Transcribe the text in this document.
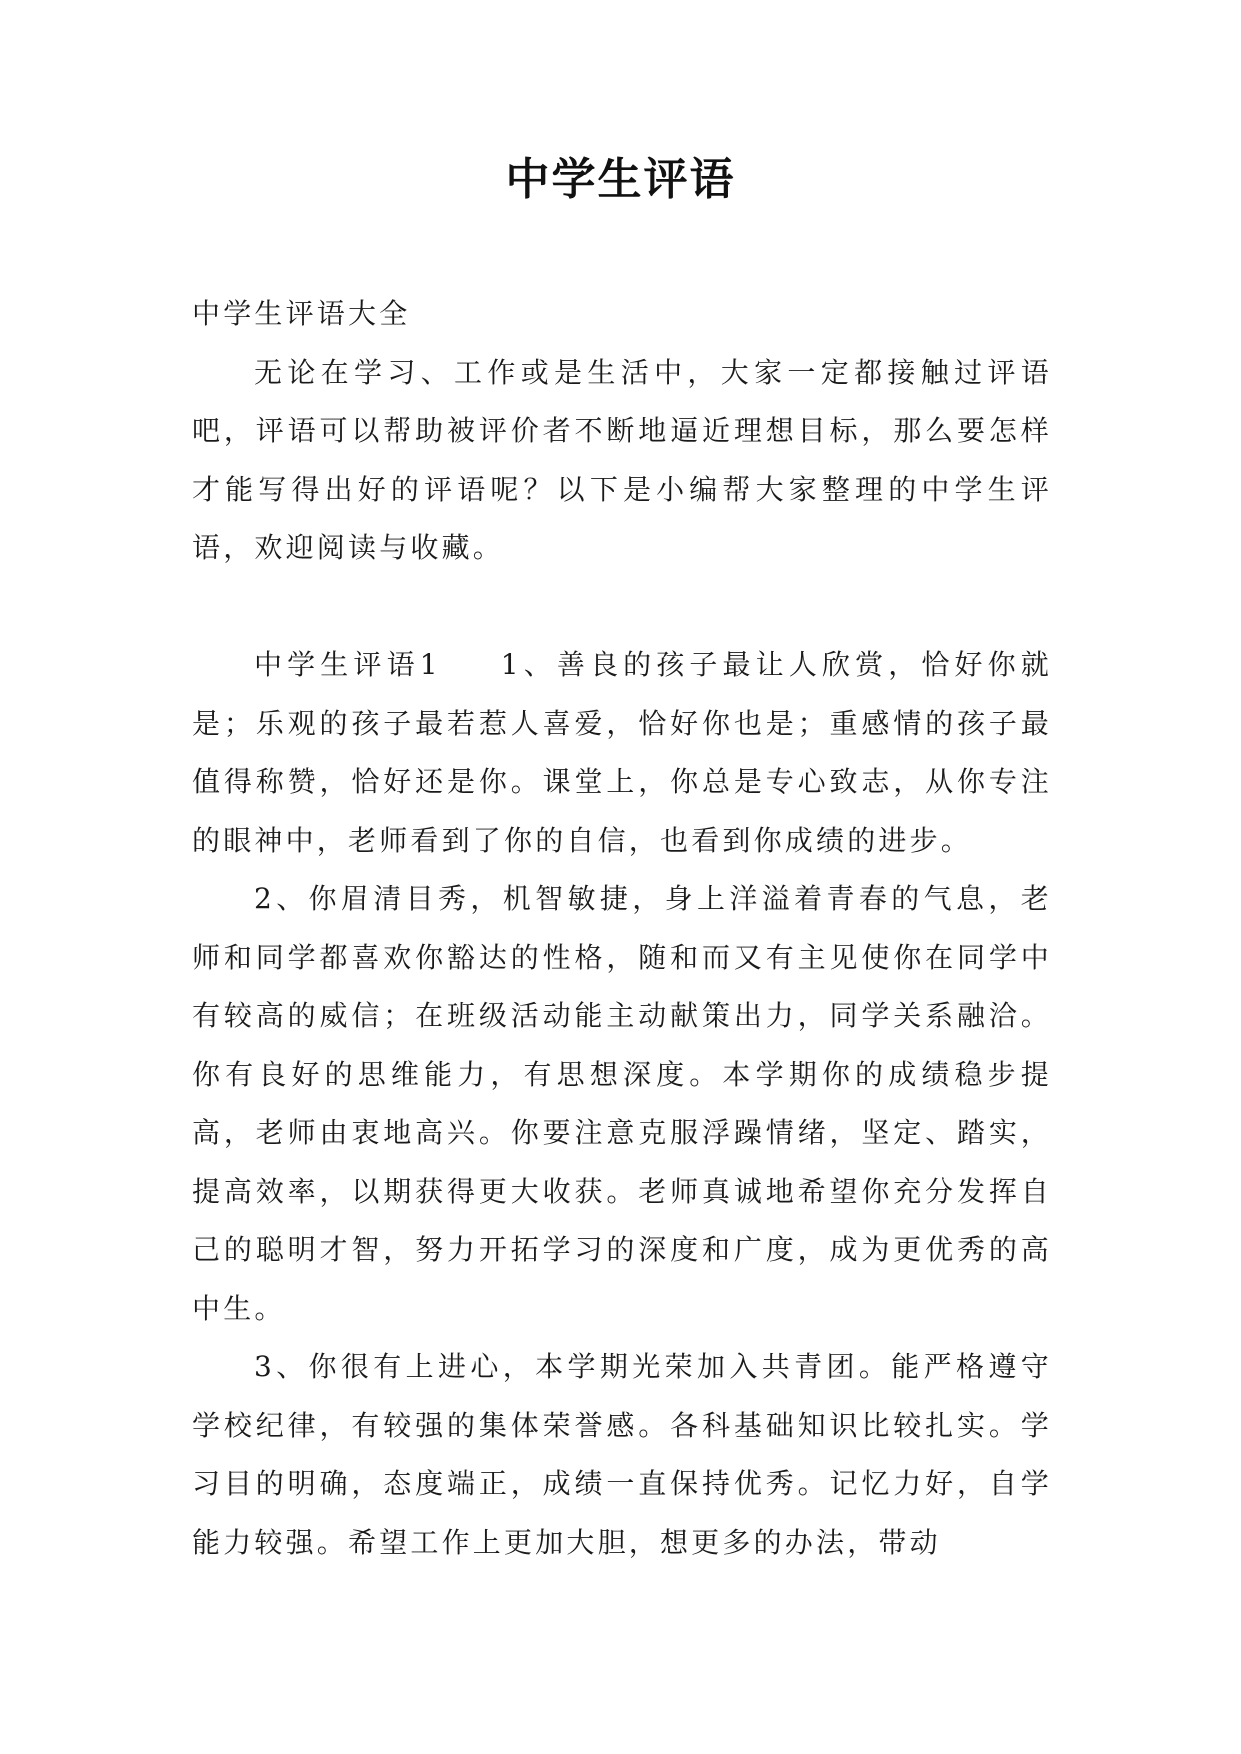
中学生评语

中学生评语大全

无论在学习、工作或是生活中，大家一定都接触过评语吧，评语可以帮助被评价者不断地逼近理想目标，那么要怎样才能写得出好的评语呢？以下是小编帮大家整理的中学生评语，欢迎阅读与收藏。

中学生评语1 1、善良的孩子最让人欣赏，恰好你就是；乐观的孩子最若惹人喜爱，恰好你也是；重感情的孩子最值得称赞，恰好还是你。课堂上，你总是专心致志，从你专注的眼神中，老师看到了你的自信，也看到你成绩的进步。

2、你眉清目秀，机智敏捷，身上洋溢着青春的气息，老师和同学都喜欢你豁达的性格，随和而又有主见使你在同学中有较高的威信；在班级活动能主动献策出力，同学关系融洽。你有良好的思维能力，有思想深度。本学期你的成绩稳步提高，老师由衷地高兴。你要注意克服浮躁情绪，坚定、踏实，提高效率，以期获得更大收获。老师真诚地希望你充分发挥自己的聪明才智，努力开拓学习的深度和广度，成为更优秀的高中生。

3、你很有上进心，本学期光荣加入共青团。能严格遵守学校纪律，有较强的集体荣誉感。各科基础知识比较扎实。学习目的明确，态度端正，成绩一直保持优秀。记忆力好，自学能力较强。希望工作上更加大胆，想更多的办法，带动
